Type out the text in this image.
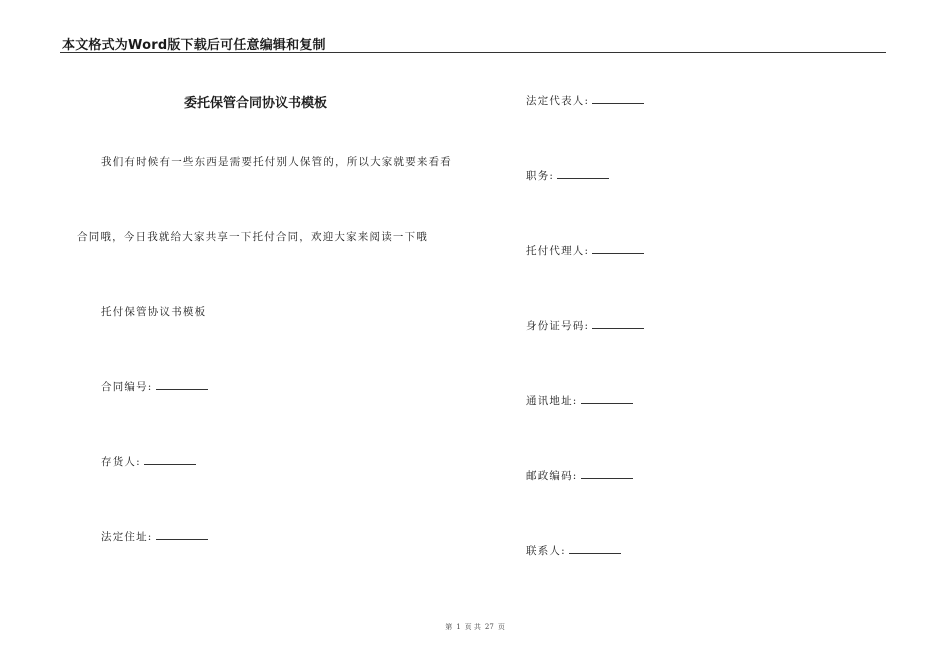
本文格式为Word版下载后可任意编辑和复制
委托保管合同协议书模板
我们有时候有一些东西是需要托付别人保管的，所以大家就要来看看
合同哦，今日我就给大家共享一下托付合同，欢迎大家来阅读一下哦
托付保管协议书模板
合同编号:
存货人:
法定住址:
法定代表人:
职务:
托付代理人:
身份证号码:
通讯地址:
邮政编码:
联系人:
第 1 页 共 27 页
